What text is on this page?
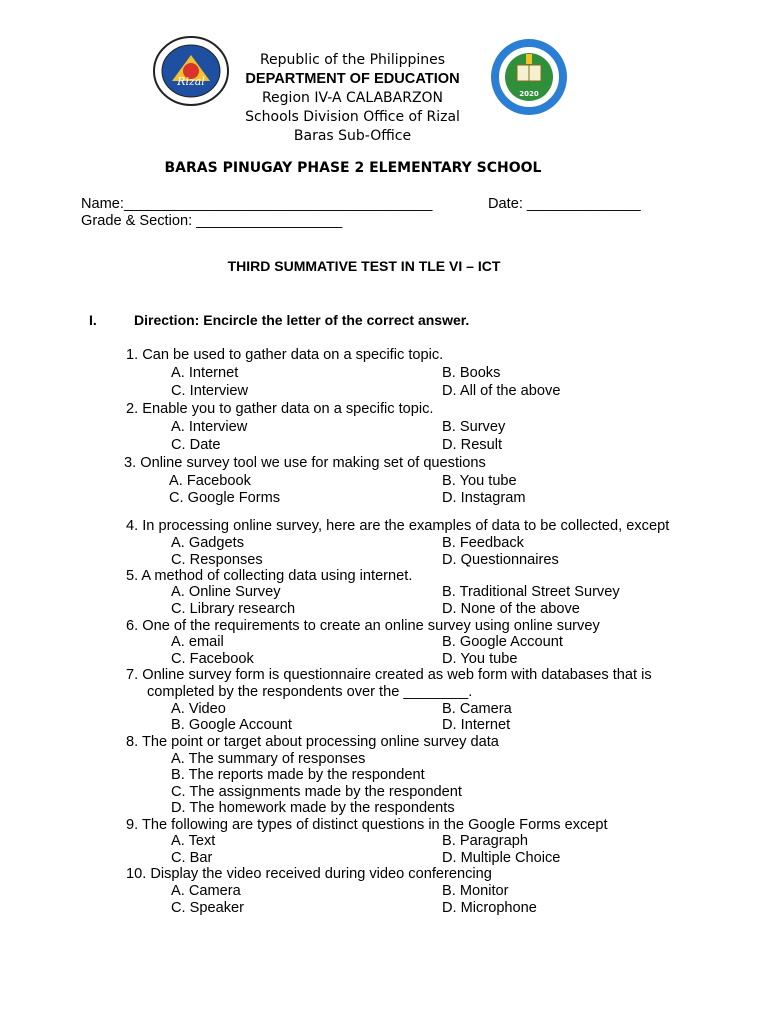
Rizal
2020
Republic of the Philippines
DEPARTMENT OF EDUCATION
Region IV-A CALABARZON
Schools Division Office of Rizal
Baras Sub-Office
BARAS PINUGAY PHASE 2 ELEMENTARY SCHOOL
Name:______________________________________	Date: ______________
Grade & Section: __________________
THIRD SUMMATIVE TEST IN TLE VI – ICT
I.	Direction: Encircle the letter of the correct answer.
1. Can be used to gather data on a specific topic.
A. Internet	B. Books
C. Interview	D. All of the above
2. Enable you to gather data on a specific topic.
A. Interview	B. Survey
C. Date	D. Result
3. Online survey tool we use for making set of questions
A. Facebook	B. You tube
C. Google Forms	D. Instagram
4. In processing online survey, here are the examples of data to be collected, except
A. Gadgets	B. Feedback
C. Responses	D. Questionnaires
5. A method of collecting data using internet.
A. Online Survey	B. Traditional Street Survey
C. Library research	D. None of the above
6. One of the requirements to create an online survey using online survey
A. email	B. Google Account
C. Facebook	D. You tube
7. Online survey form is questionnaire created as web form with databases that is
completed by the respondents over the ________.
A. Video	B. Camera
B. Google Account	D. Internet
8. The point or target about processing online survey data
A. The summary of responses
B. The reports made by the respondent
C. The assignments made by the respondent
D. The homework made by the respondents
9. The following are types of distinct questions in the Google Forms except
A. Text	B. Paragraph
C. Bar	D. Multiple Choice
10. Display the video received during video conferencing
A. Camera	B. Monitor
C. Speaker	D. Microphone
